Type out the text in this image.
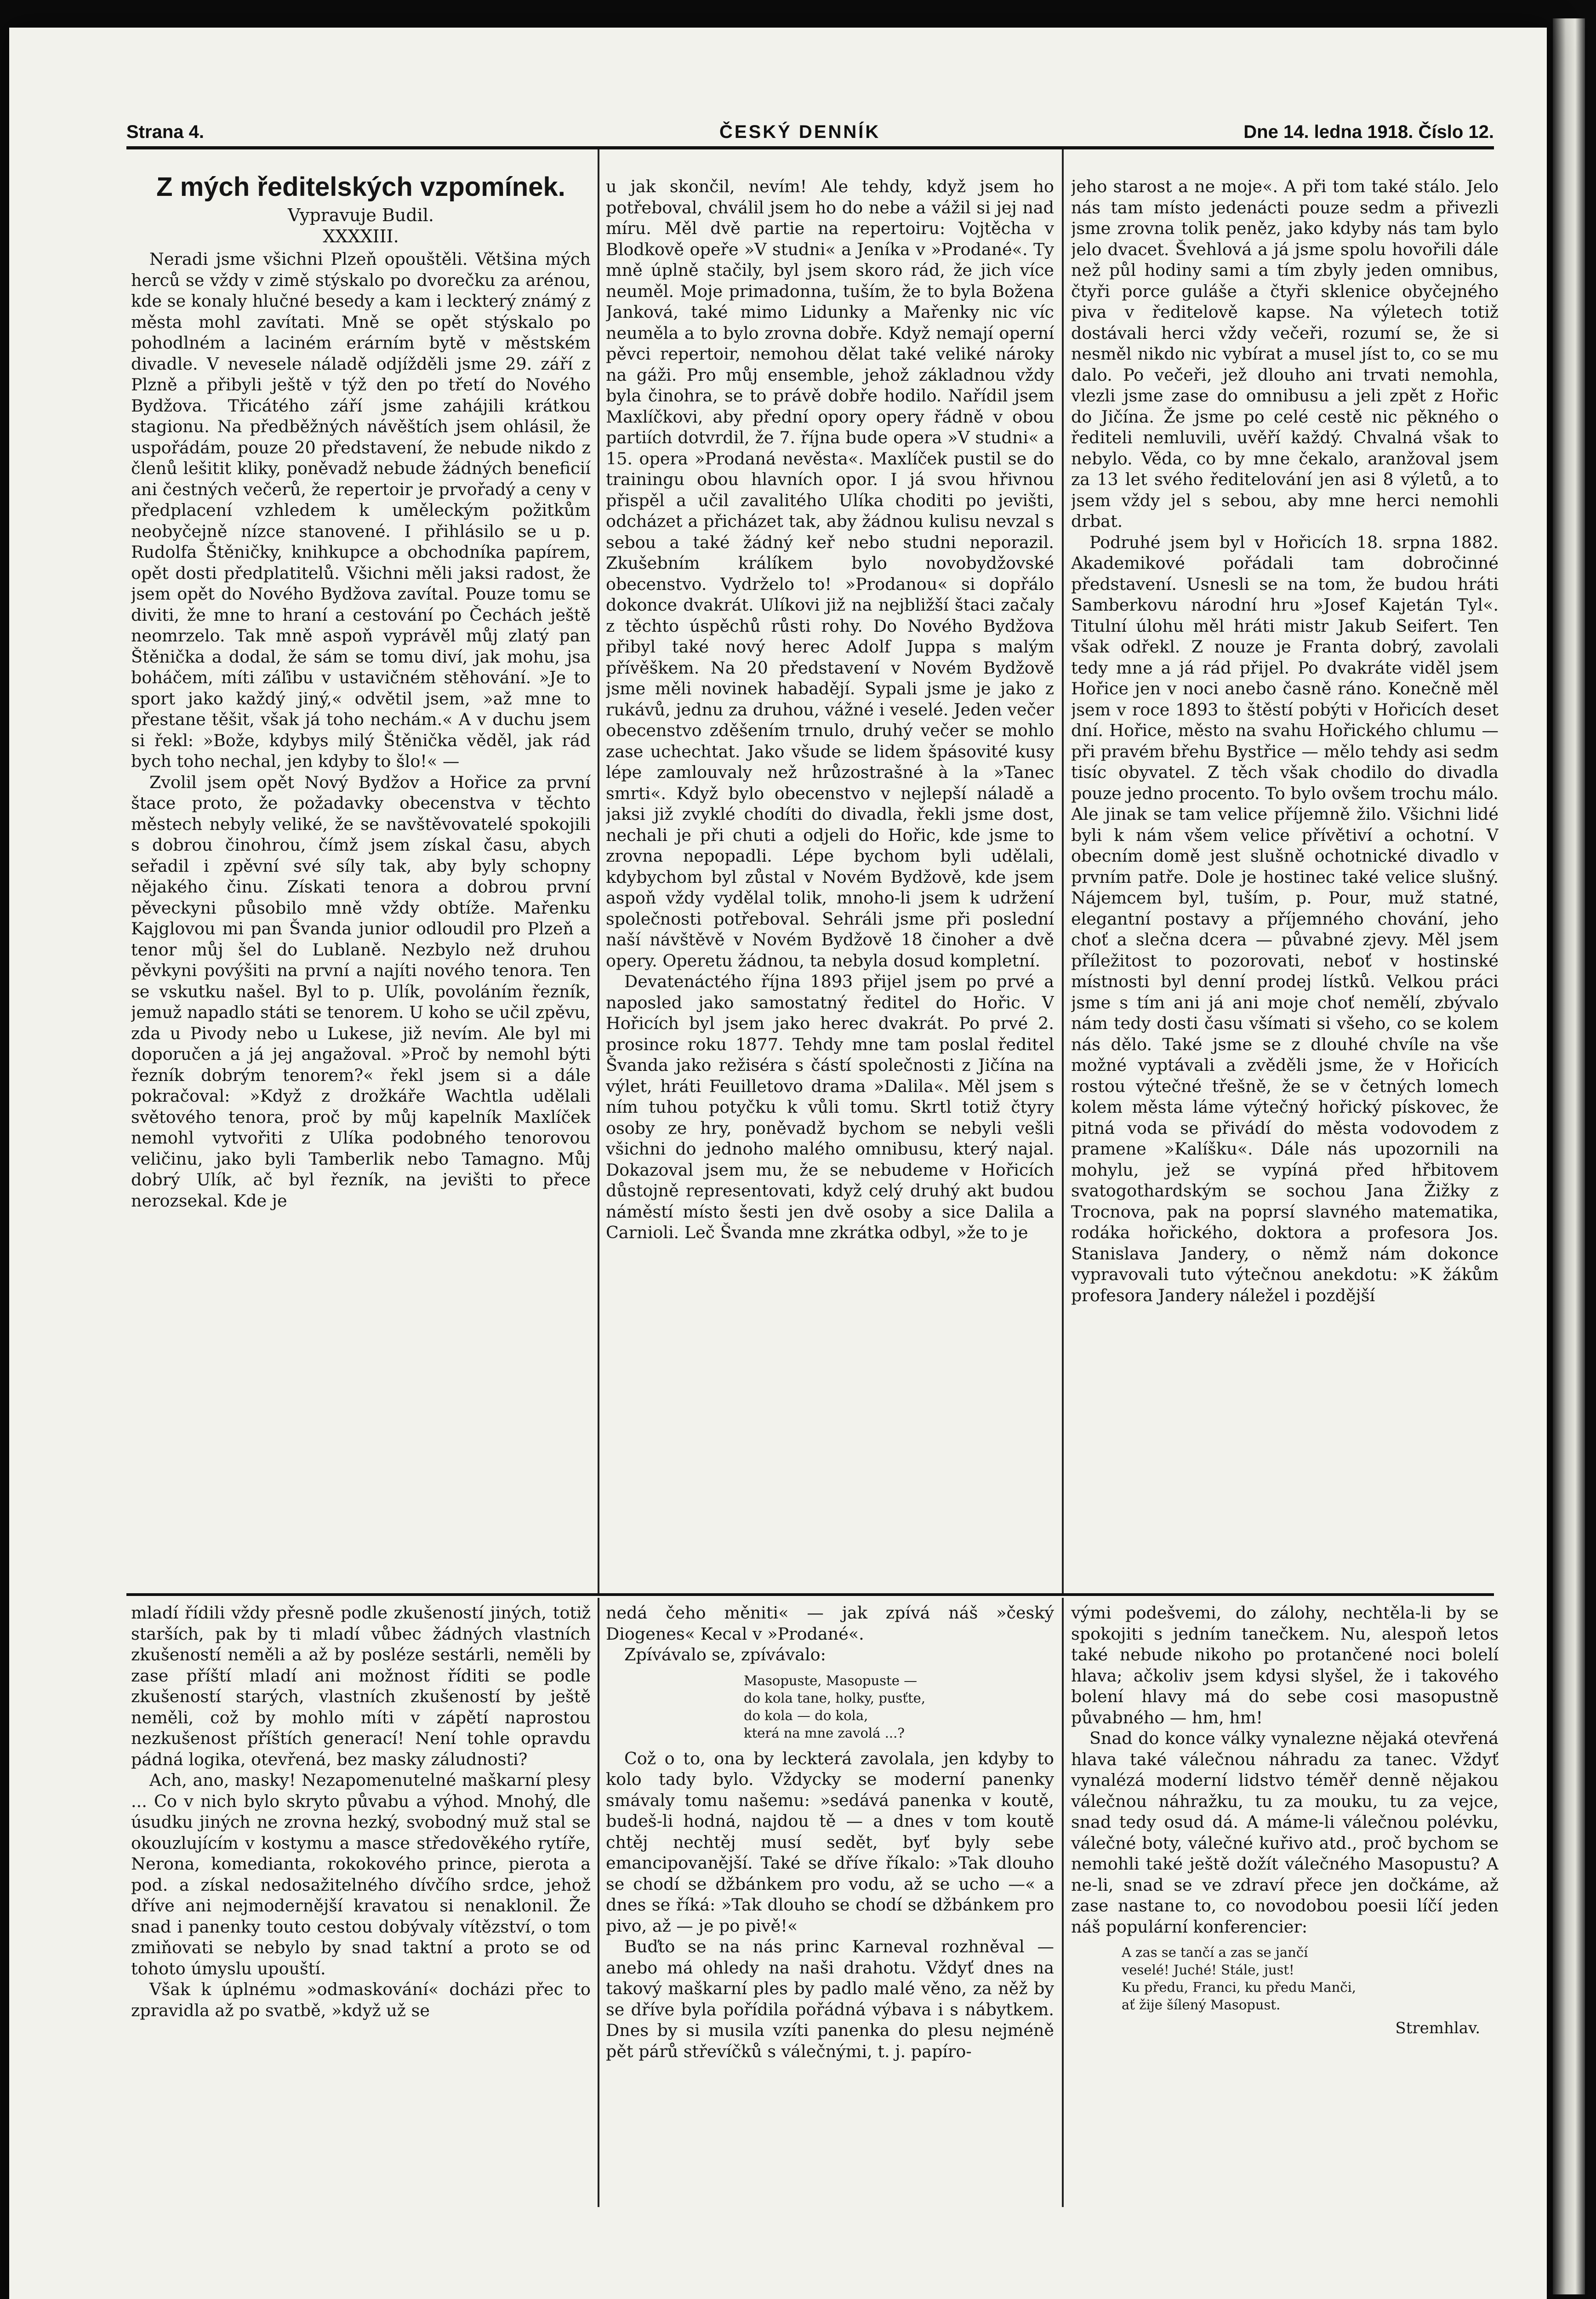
Strana 4.	ČESKÝ DENNÍK	Dne 14. ledna 1918. Číslo 12.
Z mých ředitelských vzpomínek.
Vypravuje Budil.
XXXXIII.

Neradi jsme všichni Plzeň opouštěli. Většina mých herců se vždy v zimě stýskalo po dvorečku za arénou, kde se konaly hlučné besedy a kam i leckterý známý z města mohl zavítati. Mně se opět stýskalo po pohodlném a laciném erárním bytě v městském divadle. V nevesele náladě odjížděli jsme 29. září z Plzně a přibyli ještě v týž den po třetí do Nového Bydžova. Třicátého září jsme zahájili krátkou stagionu. Na předběžných návěštích jsem ohlásil, že uspořádám, pouze 20 představení, že nebude nikdo z členů lešitit kliky, poněvadž nebude žádných beneficií ani čestných večerů, že repertoir je prvořadý a ceny v předplacení vzhledem k uměleckým požitkům neobyčejně nízce stanovené. I přihlásilo se u p. Rudolfa Štěničky, knihkupce a obchodníka papírem, opět dosti předplatitelů. Všichni měli jaksi radost, že jsem opět do Nového Bydžova zavítal. Pouze tomu se diviti, že mne to hraní a cestování po Čechách ještě neomrzelo. Tak mně aspoň vyprávěl můj zlatý pan Štěnička a dodal, že sám se tomu diví, jak mohu, jsa boháčem, míti záľibu v ustavičném stěhování. »Je to sport jako každý jiný,« odvětil jsem, »až mne to přestane těšit, však já toho nechám.« A v duchu jsem si řekl: »Bože, kdybys milý Štěnička věděl, jak rád bych toho nechal, jen kdyby to šlo!« —

Zvolil jsem opět Nový Bydžov a Hořice za první štace proto, že požadavky obecenstva v těchto městech nebyly veliké, že se navštěvovatelé spokojili s dobrou činohrou, čímž jsem získal času, abych seřadil i zpěvní své síly tak, aby byly schopny nějakého činu. Získati tenora a dobrou první pěveckyni působilo mně vždy obtíže. Mařenku Kajglovou mi pan Švanda junior odloudil pro Plzeň a tenor můj šel do Lublaně. Nezbylo než druhou pěvkyni povýšiti na první a najíti nového tenora. Ten se vskutku našel. Byl to p. Ulík, povoláním řezník, jemuž napadlo státi se tenorem. U koho se učil zpěvu, zda u Pivody nebo u Lukese, již nevím. Ale byl mi doporučen a já jej angažoval. »Proč by nemohl býti řezník dobrým tenorem?« řekl jsem si a dále pokračoval: »Když z drožkáře Wachtla udělali světového tenora, proč by můj kapelník Maxlíček nemohl vytvořiti z Ulíka podobného tenorovou veličinu, jako byli Tamberlik nebo Tamagno. Můj dobrý Ulík, ač byl řezník, na jevišti to přece nerozsekal. Kde je

u jak skončil, nevím! Ale tehdy, když jsem ho potřeboval, chválil jsem ho do nebe a vážil si jej nad míru. Měl dvě partie na repertoiru: Vojtěcha v Blodkově opeře »V studni« a Jeníka v »Prodané«. Ty mně úplně stačily, byl jsem skoro rád, že jich více neuměl. Moje primadonna, tuším, že to byla Božena Janková, také mimo Lidunky a Mařenky nic víc neuměla a to bylo zrovna dobře. Když nemají operní pěvci repertoir, nemohou dělat také veliké nároky na gáži. Pro můj ensemble, jehož základnou vždy byla činohra, se to právě dobře hodilo. Nařídil jsem Maxlíčkovi, aby přední opory opery řádně v obou partiích dotvrdil, že 7. října bude opera »V studni« a 15. opera »Prodaná nevěsta«. Maxlíček pustil se do trainingu obou hlavních opor. I já svou hřivnou přispěl a učil zavalitého Ulíka choditi po jevišti, odcházet a přicházet tak, aby žádnou kulisu nevzal s sebou a také žádný keř nebo studni neporazil. Zkušebním králíkem bylo novobydžovské obecenstvo. Vydrželo to! »Prodanou« si dopřálo dokonce dvakrát. Ulíkovi již na nejbližší štaci začaly z těchto úspěchů růsti rohy. Do Nového Bydžova přibyl také nový herec Adolf Juppa s malým přívěškem. Na 20 představení v Novém Bydžově jsme měli novinek habadějí. Sypali jsme je jako z rukávů, jednu za druhou, vážné i veselé. Jeden večer obecenstvo zděšením trnulo, druhý večer se mohlo zase uchechtat. Jako všude se lidem špásovité kusy lépe zamlouvaly než hrůzostrašné à la »Tanec smrti«. Když bylo obecenstvo v nejlepší náladě a jaksi již zvyklé chodíti do divadla, řekli jsme dost, nechali je při chuti a odjeli do Hořic, kde jsme to zrovna nepopadli. Lépe bychom byli udělali, kdybychom byl zůstal v Novém Bydžově, kde jsem aspoň vždy vydělal tolik, mnoho-li jsem k udržení společnosti potřeboval. Sehráli jsme při poslední naší návštěvě v Novém Bydžově 18 činoher a dvě opery. Operetu žádnou, ta nebyla dosud kompletní.

Devatenáctého října 1893 přijel jsem po prvé a naposled jako samostatný ředitel do Hořic. V Hořicích byl jsem jako herec dvakrát. Po prvé 2. prosince roku 1877. Tehdy mne tam poslal ředitel Švanda jako režiséra s částí společnosti z Jičína na výlet, hráti Feuilletovo drama »Dalila«. Měl jsem s ním tuhou potyčku k vůli tomu. Skrtl totiž čtyry osoby ze hry, poněvadž bychom se nebyli vešli všichni do jednoho malého omnibusu, který najal. Dokazoval jsem mu, že se nebudeme v Hořicích důstojně representovati, když celý druhý akt budou náměstí místo šesti jen dvě osoby a sice Dalila a Carnioli. Leč Švanda mne zkrátka odbyl, »že to je

jeho starost a ne moje«. A při tom také stálo. Jelo nás tam místo jedenácti pouze sedm a přivezli jsme zrovna tolik peněz, jako kdyby nás tam bylo jelo dvacet. Švehlová a já jsme spolu hovořili dále než půl hodiny sami a tím zbyly jeden omnibus, čtyři porce guláše a čtyři sklenice obyčejného piva v ředitelově kapse. Na výletech totiž dostávali herci vždy večeři, rozumí se, že si nesměl nikdo nic vybírat a musel jíst to, co se mu dalo. Po večeři, jež dlouho ani trvati nemohla, vlezli jsme zase do omnibusu a jeli zpět z Hořic do Jičína. Že jsme po celé cestě nic pěkného o řediteli nemluvili, uvěří každý. Chvalná však to nebylo. Věda, co by mne čekalo, aranžoval jsem za 13 let svého ředitelování jen asi 8 výletů, a to jsem vždy jel s sebou, aby mne herci nemohli drbat.

Podruhé jsem byl v Hořicích 18. srpna 1882. Akademikové pořádali tam dobročinné představení. Usnesli se na tom, že budou hráti Samberkovu národní hru »Josef Kajetán Tyl«. Titulní úlohu měl hráti mistr Jakub Seifert. Ten však odřekl. Z nouze je Franta dobrý, zavolali tedy mne a já rád přijel. Po dvakráte viděl jsem Hořice jen v noci anebo časně ráno. Konečně měl jsem v roce 1893 to štěstí pobýti v Hořicích deset dní. Hořice, město na svahu Hořického chlumu — při pravém břehu Bystřice — mělo tehdy asi sedm tisíc obyvatel. Z těch však chodilo do divadla pouze jedno procento. To bylo ovšem trochu málo. Ale jinak se tam velice příjemně žilo. Všichni lidé byli k nám všem velice přívětiví a ochotní. V obecním domě jest slušně ochotnické divadlo v prvním patře. Dole je hostinec také velice slušný. Nájemcem byl, tuším, p. Pour, muž statné, elegantní postavy a příjemného chování, jeho choť a slečna dcera — půvabné zjevy. Měl jsem příležitost to pozorovati, neboť v hostinské místnosti byl denní prodej lístků. Velkou práci jsme s tím ani já ani moje choť nemělí, zbývalo nám tedy dosti času všímati si všeho, co se kolem nás dělo. Také jsme se z dlouhé chvíle na vše možné vyptávali a zvěděli jsme, že v Hořicích rostou výtečné třešně, že se v četných lomech kolem města láme výtečný hořický pískovec, že pitná voda se přivádí do města vodovodem z pramene »Kalíšku«. Dále nás upozornili na mohylu, jež se vypíná před hřbitovem svatogothardským se sochou Jana Žižky z Trocnova, pak na poprsí slavného matematika, rodáka hořického, doktora a profesora Jos. Stanislava Jandery, o němž nám dokonce vypravovali tuto výtečnou anekdotu: »K žákům profesora Jandery náležel i pozdější

mladí řídili vždy přesně podle zkušeností jiných, totiž starších, pak by ti mladí vůbec žádných vlastních zkušeností neměli a až by posléze sestárli, neměli by zase příští mladí ani možnost říditi se podle zkušeností starých, vlastních zkušeností by ještě neměli, což by mohlo míti v zápětí naprostou nezkušenost příštích generací! Není tohle opravdu pádná logika, otevřená, bez masky záludnosti?

Ach, ano, masky! Nezapomenutelné maškarní plesy ... Co v nich bylo skryto půvabu a výhod. Mnohý, dle úsudku jiných ne zrovna hezký, svobodný muž stal se okouzlujícím v kostymu a masce středověkého rytíře, Nerona, komedianta, rokokového prince, pierota a pod. a získal nedosažitelného dívčího srdce, jehož dříve ani nejmodernější kravatou si nenaklonil. Že snad i panenky touto cestou dobývaly vítězství, o tom zmiňovati se nebylo by snad taktní a proto se od tohoto úmyslu upouští.

Však k úplnému »odmaskování« docházi přec to zpravidla až po svatbě, »když už se

nedá čeho měniti« — jak zpívá náš »český Diogenes« Kecal v »Prodané«.

Zpívávalo se, zpívávalo:

Masopuste, Masopuste —
do kola tane, holky, pusťte,
do kola — do kola,
která na mne zavolá ...?

Což o to, ona by leckterá zavolala, jen kdyby to kolo tady bylo. Vždycky se moderní panenky smávaly tomu našemu: »sedává panenka v koutě, budeš-li hodná, najdou tě — a dnes v tom koutě chtěj nechtěj musí sedět, byť byly sebe emancipovanější. Také se dříve říkalo: »Tak dlouho se chodí se džbánkem pro vodu, až se ucho —« a dnes se říká: »Tak dlouho se chodí se džbánkem pro pivo, až — je po pivě!«

Buďto se na nás princ Karneval rozhněval — anebo má ohledy na naši drahotu. Vždyť dnes na takový maškarní ples by padlo malé věno, za něž by se dříve byla pořídila pořádná výbava i s nábytkem. Dnes by si musila vzíti panenka do plesu nejméně pět párů střevíčků s válečnými, t. j. papíro-

vými podešvemi, do zálohy, nechtěla-li by se spokojiti s jedním tanečkem. Nu, alespoň letos také nebude nikoho po protančené noci bolelí hlava; ačkoliv jsem kdysi slyšel, že i takového bolení hlavy má do sebe cosi masopustně půvabného — hm, hm!

Snad do konce války vynalezne nějaká otevřená hlava také válečnou náhradu za tanec. Vždyť vynalézá moderní lidstvo téměř denně nějakou válečnou náhražku, tu za mouku, tu za vejce, snad tedy osud dá. A máme-li válečnou polévku, válečné boty, válečné kuřivo atd., proč bychom se nemohli také ještě dožít válečného Masopustu? A ne-li, snad se ve zdraví přece jen dočkáme, až zase nastane to, co novodobou poesii líčí jeden náš populární konferencier:

A zas se tančí a zas se jančí
veselé! Juché! Stále, just!
Ku předu, Franci, ku předu Manči,
ať žije šílený Masopust.
Stremhlav.
